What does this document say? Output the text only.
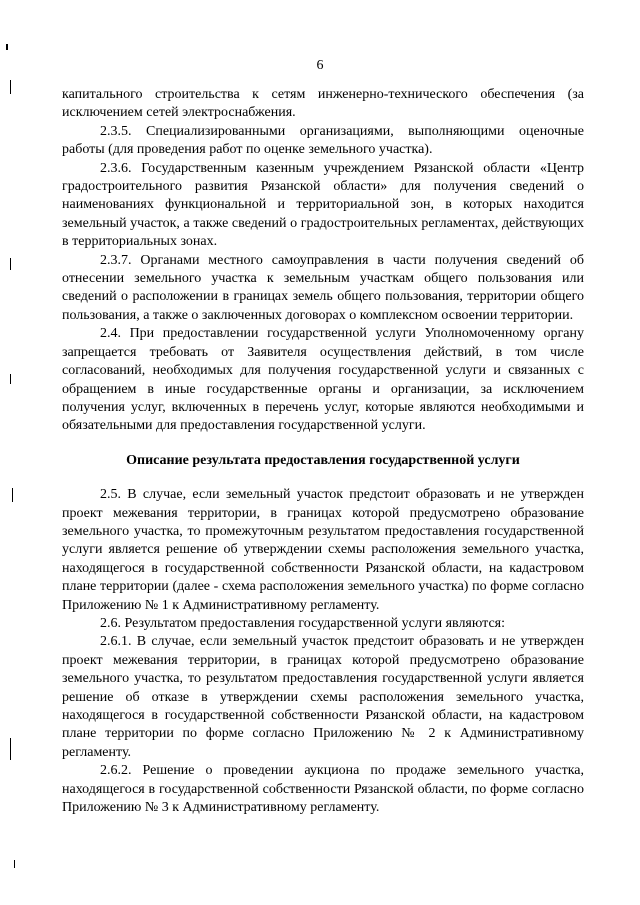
6

капитального строительства к сетям инженерно-технического обеспечения (за исключением сетей электроснабжения.

2.3.5. Специализированными организациями, выполняющими оценочные работы (для проведения работ по оценке земельного участка).

2.3.6. Государственным казенным учреждением Рязанской области «Центр градостроительного развития Рязанской области» для получения сведений о наименованиях функциональной и территориальной зон, в которых находится земельный участок, а также сведений о градостроительных регламентах, действующих в территориальных зонах.

2.3.7. Органами местного самоуправления в части получения сведений об отнесении земельного участка к земельным участкам общего пользования или сведений о расположении в границах земель общего пользования, территории общего пользования, а также о заключенных договорах о комплексном освоении территории.

2.4. При предоставлении государственной услуги Уполномоченному органу запрещается требовать от Заявителя осуществления действий, в том числе согласований, необходимых для получения государственной услуги и связанных с обращением в иные государственные органы и организации, за исключением получения услуг, включенных в перечень услуг, которые являются необходимыми и обязательными для предоставления государственной услуги.

Описание результата предоставления государственной услуги

2.5. В случае, если земельный участок предстоит образовать и не утвержден проект межевания территории, в границах которой предусмотрено образование земельного участка, то промежуточным результатом предоставления государственной услуги является решение об утверждении схемы расположения земельного участка, находящегося в государственной собственности Рязанской области, на кадастровом плане территории (далее - схема расположения земельного участка) по форме согласно Приложению № 1 к Административному регламенту.

2.6. Результатом предоставления государственной услуги являются:

2.6.1. В случае, если земельный участок предстоит образовать и не утвержден проект межевания территории, в границах которой предусмотрено образование земельного участка, то результатом предоставления государственной услуги является решение об отказе в утверждении схемы расположения земельного участка, находящегося в государственной собственности Рязанской области, на кадастровом плане территории по форме согласно Приложению № 2 к Административному регламенту.

2.6.2. Решение о проведении аукциона по продаже земельного участка, находящегося в государственной собственности Рязанской области, по форме согласно Приложению № 3 к Административному регламенту.
